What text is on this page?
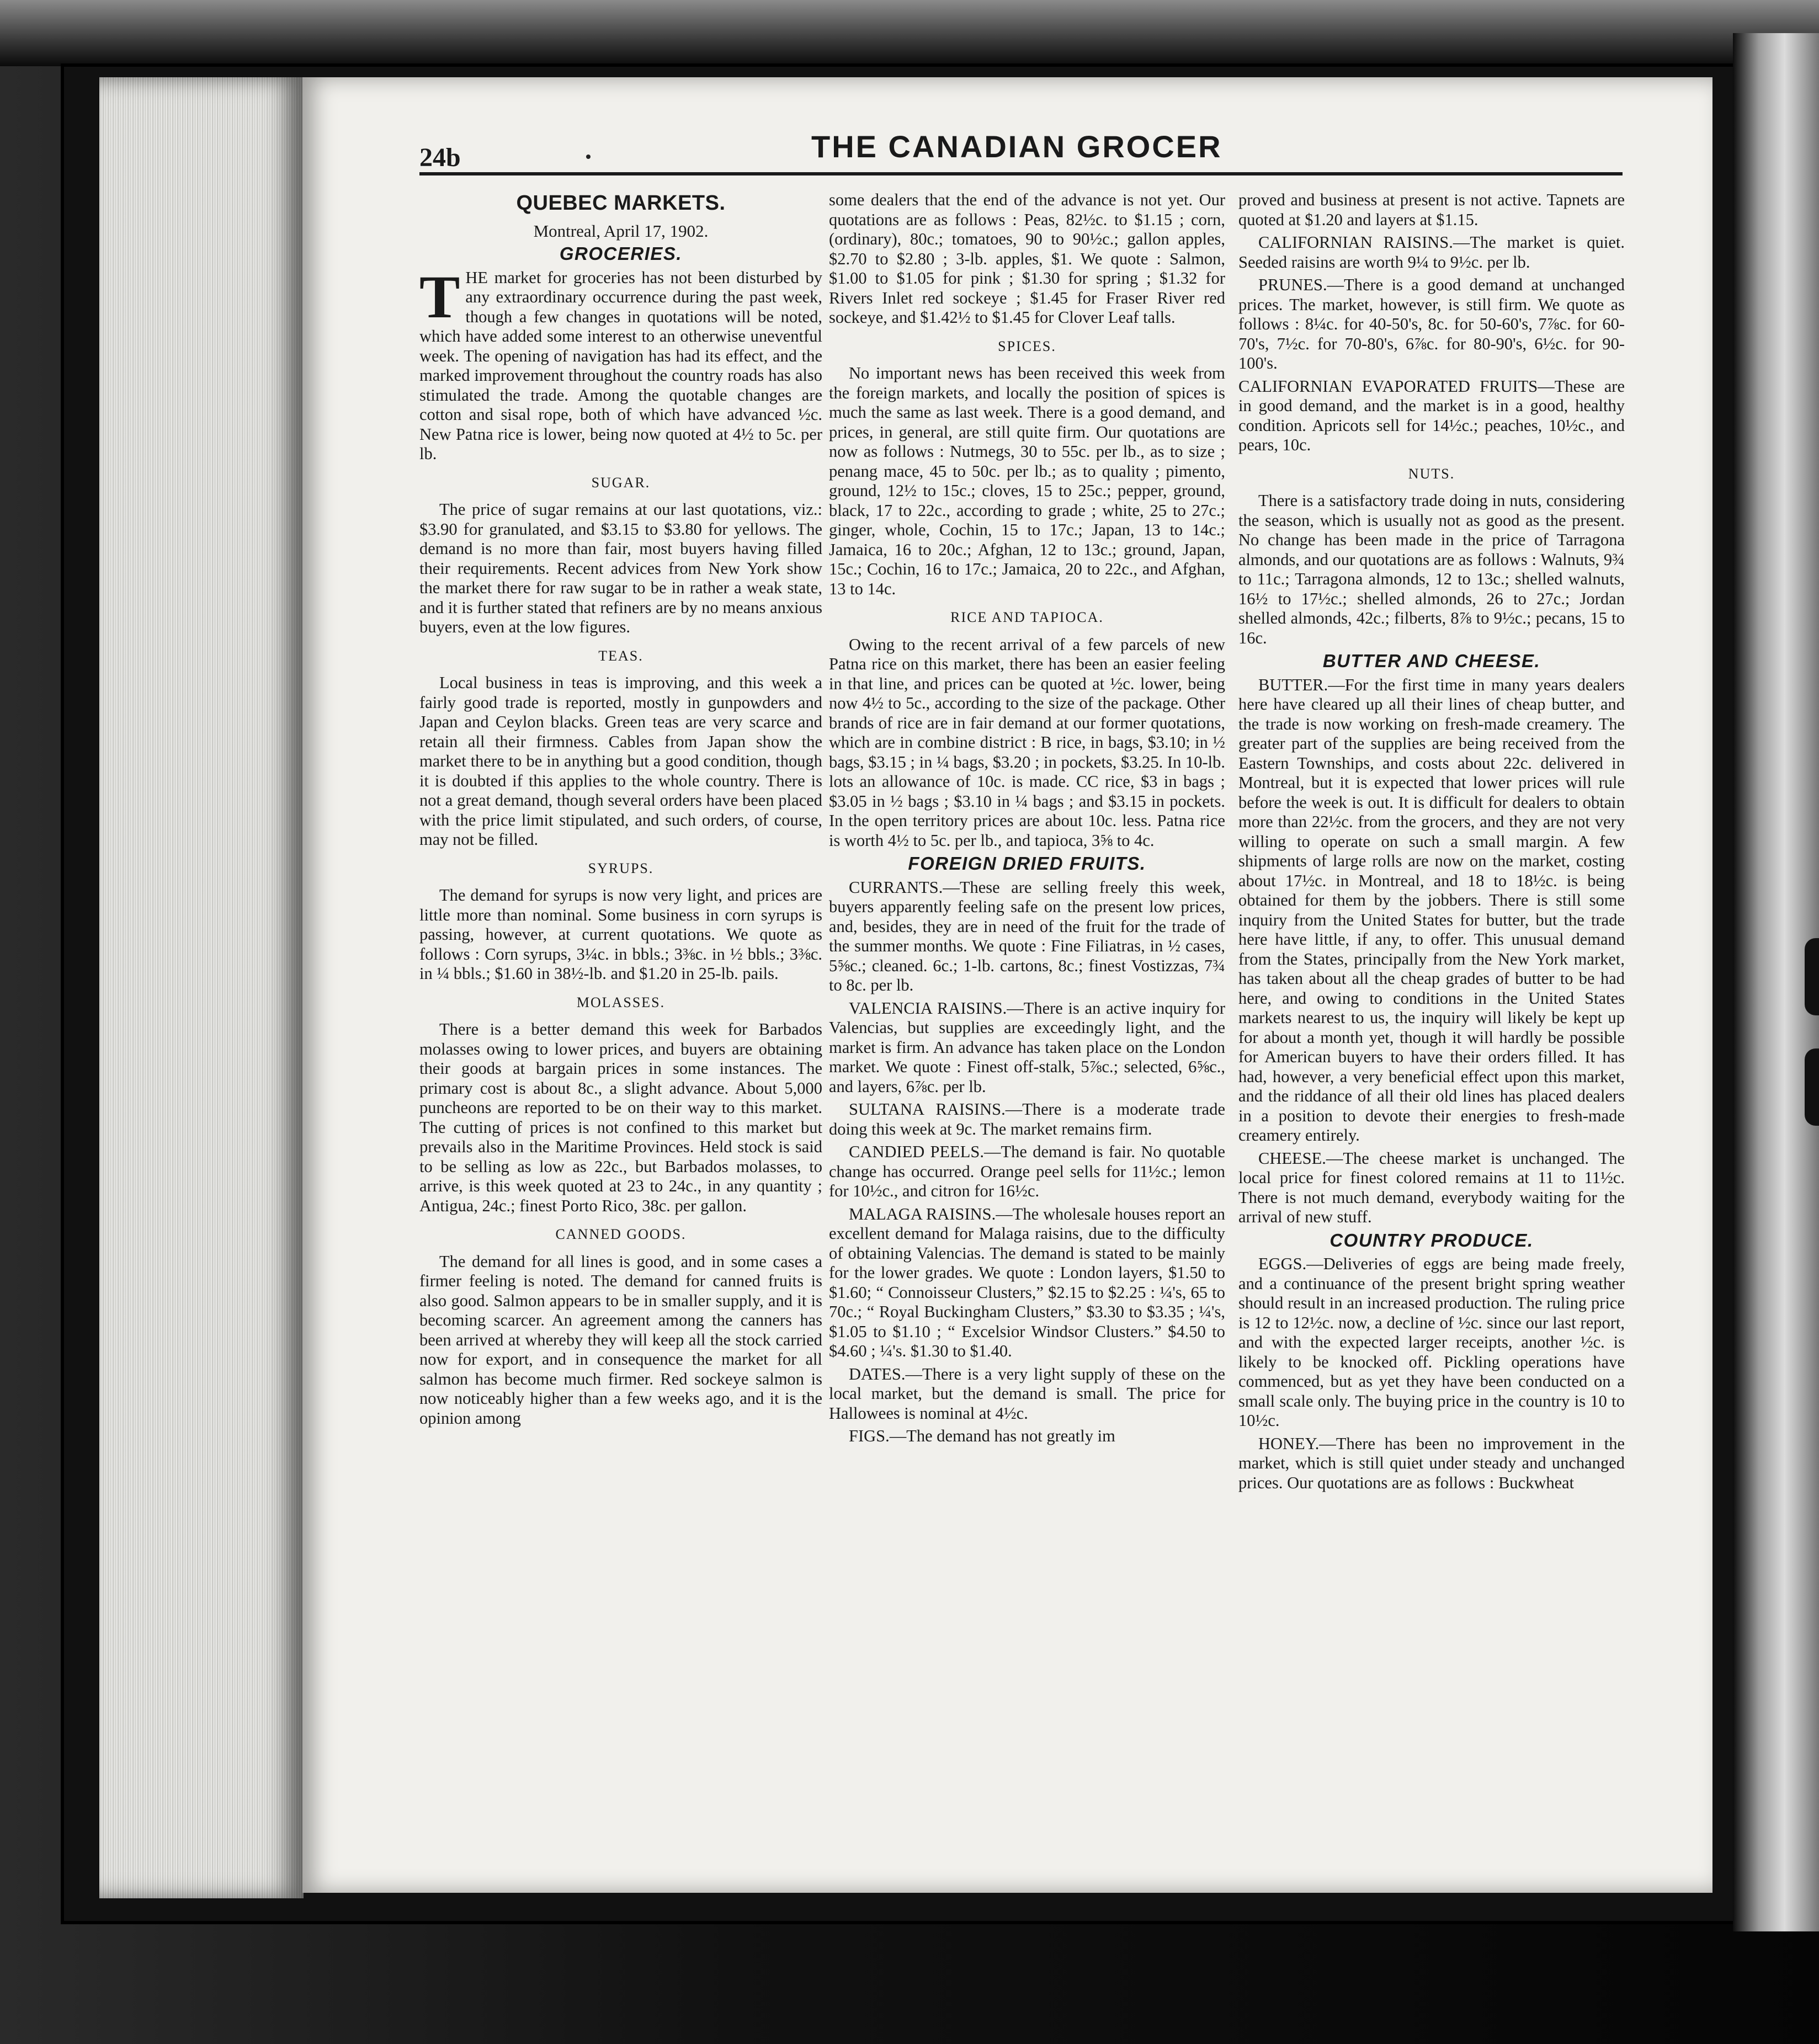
24b	THE CANADIAN GROCER
QUEBEC MARKETS.
Montreal, April 17, 1902.
GROCERIES.

THE market for groceries has not been disturbed by any extraordinary occurrence during the past week, though a few changes in quotations will be noted, which have added some interest to an otherwise uneventful week. The opening of navigation has had its effect, and the marked improvement throughout the country roads has also stimulated the trade. Among the quotable changes are cotton and sisal rope, both of which have advanced ½c. New Patna rice is lower, being now quoted at 4½ to 5c. per lb.

SUGAR.

The price of sugar remains at our last quotations, viz.: $3.90 for granulated, and $3.15 to $3.80 for yellows. The demand is no more than fair, most buyers having filled their requirements. Recent advices from New York show the market there for raw sugar to be in rather a weak state, and it is further stated that refiners are by no means anxious buyers, even at the low figures.

TEAS.

Local business in teas is improving, and this week a fairly good trade is reported, mostly in gunpowders and Japan and Ceylon blacks. Green teas are very scarce and retain all their firmness. Cables from Japan show the market there to be in anything but a good condition, though it is doubted if this applies to the whole country. There is not a great demand, though several orders have been placed with the price limit stipulated, and such orders, of course, may not be filled.

SYRUPS.

The demand for syrups is now very light, and prices are little more than nominal. Some business in corn syrups is passing, however, at current quotations. We quote as follows : Corn syrups, 3¼c. in bbls.; 3⅜c. in ½ bbls.; 3⅜c. in ¼ bbls.; $1.60 in 38½-lb. and $1.20 in 25-lb. pails.

MOLASSES.

There is a better demand this week for Barbados molasses owing to lower prices, and buyers are obtaining their goods at bargain prices in some instances. The primary cost is about 8c., a slight advance. About 5,000 puncheons are reported to be on their way to this market. The cutting of prices is not confined to this market but prevails also in the Maritime Provinces. Held stock is said to be selling as low as 22c., but Barbados molasses, to arrive, is this week quoted at 23 to 24c., in any quantity ; Antigua, 24c.; finest Porto Rico, 38c. per gallon.

CANNED GOODS.

The demand for all lines is good, and in some cases a firmer feeling is noted. The demand for canned fruits is also good. Salmon appears to be in smaller supply, and it is becoming scarcer. An agreement among the canners has been arrived at whereby they will keep all the stock carried now for export, and in consequence the market for all salmon has become much firmer. Red sockeye salmon is now noticeably higher than a few weeks ago, and it is the opinion among

some dealers that the end of the advance is not yet. Our quotations are as follows : Peas, 82½c. to $1.15 ; corn, (ordinary), 80c.; tomatoes, 90 to 90½c.; gallon apples, $2.70 to $2.80 ; 3-lb. apples, $1. We quote : Salmon, $1.00 to $1.05 for pink ; $1.30 for spring ; $1.32 for Rivers Inlet red sockeye ; $1.45 for Fraser River red sockeye, and $1.42½ to $1.45 for Clover Leaf talls.

SPICES.

No important news has been received this week from the foreign markets, and locally the position of spices is much the same as last week. There is a good demand, and prices, in general, are still quite firm. Our quotations are now as follows : Nutmegs, 30 to 55c. per lb., as to size ; penang mace, 45 to 50c. per lb.; as to quality ; pimento, ground, 12½ to 15c.; cloves, 15 to 25c.; pepper, ground, black, 17 to 22c., according to grade ; white, 25 to 27c.; ginger, whole, Cochin, 15 to 17c.; Japan, 13 to 14c.; Jamaica, 16 to 20c.; Afghan, 12 to 13c.; ground, Japan, 15c.; Cochin, 16 to 17c.; Jamaica, 20 to 22c., and Afghan, 13 to 14c.

RICE AND TAPIOCA.

Owing to the recent arrival of a few parcels of new Patna rice on this market, there has been an easier feeling in that line, and prices can be quoted at ½c. lower, being now 4½ to 5c., according to the size of the package. Other brands of rice are in fair demand at our former quotations, which are in combine district : B rice, in bags, $3.10; in ½ bags, $3.15 ; in ¼ bags, $3.20 ; in pockets, $3.25. In 10-lb. lots an allowance of 10c. is made. CC rice, $3 in bags ; $3.05 in ½ bags ; $3.10 in ¼ bags ; and $3.15 in pockets. In the open territory prices are about 10c. less. Patna rice is worth 4½ to 5c. per lb., and tapioca, 3⅝ to 4c.

FOREIGN DRIED FRUITS.

CURRANTS.—These are selling freely this week, buyers apparently feeling safe on the present low prices, and, besides, they are in need of the fruit for the trade of the summer months. We quote : Fine Filiatras, in ½ cases, 5⅝c.; cleaned. 6c.; 1-lb. cartons, 8c.; finest Vostizzas, 7¾ to 8c. per lb.

VALENCIA RAISINS.—There is an active inquiry for Valencias, but supplies are exceedingly light, and the market is firm. An advance has taken place on the London market. We quote : Finest off-stalk, 5⅞c.; selected, 6⅝c., and layers, 6⅞c. per lb.

SULTANA RAISINS.—There is a moderate trade doing this week at 9c. The market remains firm.

CANDIED PEELS.—The demand is fair. No quotable change has occurred. Orange peel sells for 11½c.; lemon for 10½c., and citron for 16½c.

MALAGA RAISINS.—The wholesale houses report an excellent demand for Malaga raisins, due to the difficulty of obtaining Valencias. The demand is stated to be mainly for the lower grades. We quote : London layers, $1.50 to $1.60; “ Connoisseur Clusters,” $2.15 to $2.25 : ¼'s, 65 to 70c.; “ Royal Buckingham Clusters,” $3.30 to $3.35 ; ¼'s, $1.05 to $1.10 ; “ Excelsior Windsor Clusters.” $4.50 to $4.60 ; ¼'s. $1.30 to $1.40.

DATES.—There is a very light supply of these on the local market, but the demand is small. The price for Hallowees is nominal at 4½c.

FIGS.—The demand has not greatly im

proved and business at present is not active. Tapnets are quoted at $1.20 and layers at $1.15.

CALIFORNIAN RAISINS.—The market is quiet. Seeded raisins are worth 9¼ to 9½c. per lb.

PRUNES.—There is a good demand at unchanged prices. The market, however, is still firm. We quote as follows : 8¼c. for 40-50's, 8c. for 50-60's, 7⅞c. for 60-70's, 7½c. for 70-80's, 6⅞c. for 80-90's, 6½c. for 90-100's.

CALIFORNIAN EVAPORATED FRUITS—These are in good demand, and the market is in a good, healthy condition. Apricots sell for 14½c.; peaches, 10½c., and pears, 10c.

NUTS.

There is a satisfactory trade doing in nuts, considering the season, which is usually not as good as the present. No change has been made in the price of Tarragona almonds, and our quotations are as follows : Walnuts, 9¾ to 11c.; Tarragona almonds, 12 to 13c.; shelled walnuts, 16½ to 17½c.; shelled almonds, 26 to 27c.; Jordan shelled almonds, 42c.; filberts, 8⅞ to 9½c.; pecans, 15 to 16c.

BUTTER AND CHEESE.

BUTTER.—For the first time in many years dealers here have cleared up all their lines of cheap butter, and the trade is now working on fresh-made creamery. The greater part of the supplies are being received from the Eastern Townships, and costs about 22c. delivered in Montreal, but it is expected that lower prices will rule before the week is out. It is difficult for dealers to obtain more than 22½c. from the grocers, and they are not very willing to operate on such a small margin. A few shipments of large rolls are now on the market, costing about 17½c. in Montreal, and 18 to 18½c. is being obtained for them by the jobbers. There is still some inquiry from the United States for butter, but the trade here have little, if any, to offer. This unusual demand from the States, principally from the New York market, has taken about all the cheap grades of butter to be had here, and owing to conditions in the United States markets nearest to us, the inquiry will likely be kept up for about a month yet, though it will hardly be possible for American buyers to have their orders filled. It has had, however, a very beneficial effect upon this market, and the riddance of all their old lines has placed dealers in a position to devote their energies to fresh-made creamery entirely.

CHEESE.—The cheese market is unchanged. The local price for finest colored remains at 11 to 11½c. There is not much demand, everybody waiting for the arrival of new stuff.

COUNTRY PRODUCE.

EGGS.—Deliveries of eggs are being made freely, and a continuance of the present bright spring weather should result in an increased production. The ruling price is 12 to 12½c. now, a decline of ½c. since our last report, and with the expected larger receipts, another ½c. is likely to be knocked off. Pickling operations have commenced, but as yet they have been conducted on a small scale only. The buying price in the country is 10 to 10½c.

HONEY.—There has been no improvement in the market, which is still quiet under steady and unchanged prices. Our quotations are as follows : Buckwheat
